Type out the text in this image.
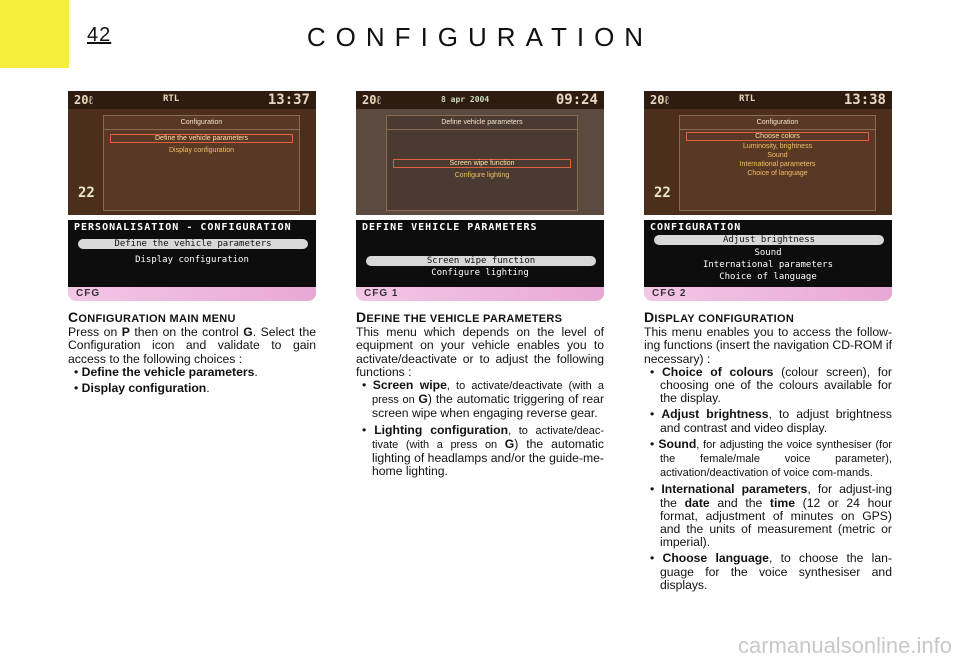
42	CONFIGURATION
20ℓ	RTL	13:37
Configuration
Define the vehicle parameters
Display configuration
22
PERSONALISATION - CONFIGURATION
Define the vehicle parameters
Display configuration
CFG
20ℓ	8 apr 2004	09:24
Define vehicle parameters

Screen wipe function
Configure lighting
DEFINE VEHICLE PARAMETERS
Screen wipe function
Configure lighting
CFG 1
20ℓ	RTL	13:38
Configuration
Choose colors
Luminosity, brightness
Sound
International parameters
Choice of language
22
CONFIGURATION
Adjust brightness
Sound
International parameters
Choice of language
CFG 2
CONFIGURATION MAIN MENU

Press on P then on the control G. Select the Configuration icon and validate to gain access to the following choices :

• Define the vehicle parameters.
• Display configuration.
DEFINE THE VEHICLE PARAMETERS

This menu which depends on the level of equipment on your vehicle enables you to activate/deactivate or to adjust the following functions :

• Screen wipe, to activate/deactivate (with a press on G) the automatic triggering of rear screen wipe when engaging reverse gear.
• Lighting configuration, to activate/deac-tivate (with a press on G) the automatic lighting of headlamps and/or the guide-me-home lighting.
DISPLAY CONFIGURATION

This menu enables you to access the follow-ing functions (insert the navigation CD-ROM if necessary) :

• Choice of colours (colour screen), for choosing one of the colours available for the display.
• Adjust brightness, to adjust brightness and contrast and video display.
• Sound, for adjusting the voice synthesiser (for the female/male voice parameter), activation/deactivation of voice com-mands.
• International parameters, for adjust-ing the date and the time (12 or 24 hour format, adjustment of minutes on GPS) and the units of measurement (metric or imperial).
• Choose language, to choose the lan-guage for the voice synthesiser and displays.
carmanualsonline.info
